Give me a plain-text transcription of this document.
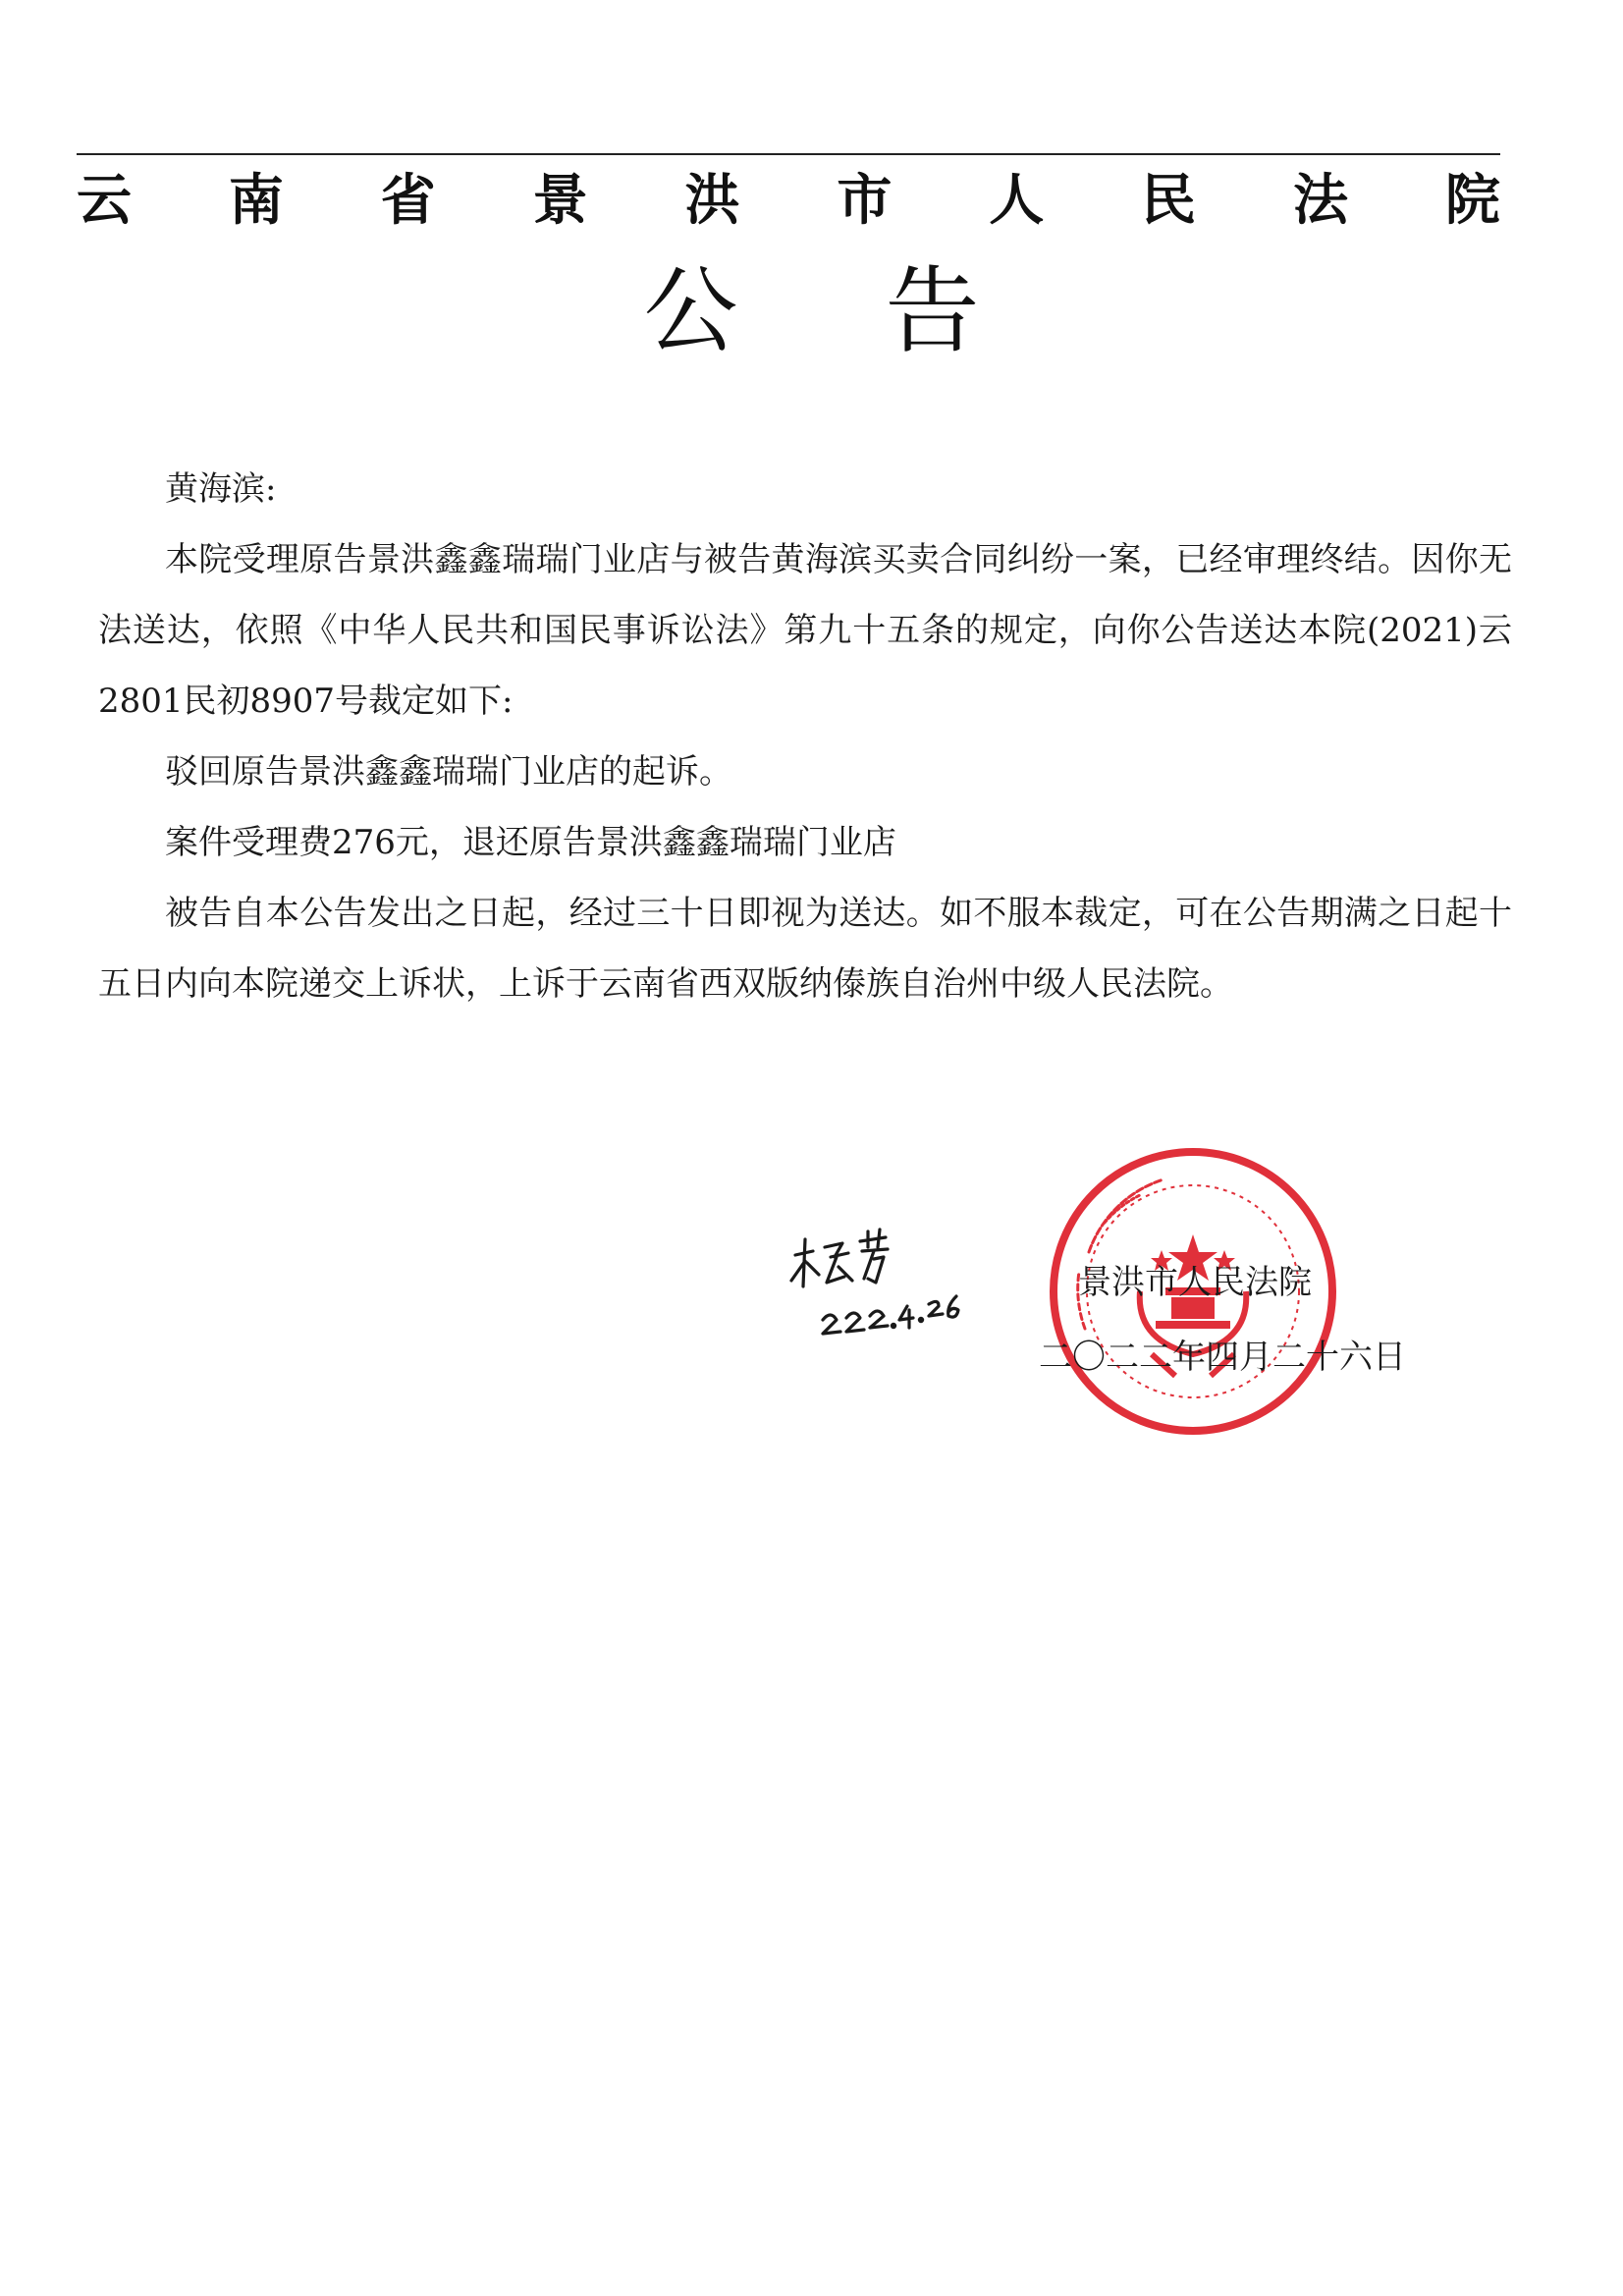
云 南 省 景 洪 市 人 民 法 院
公告

黄海滨:

本院受理原告景洪鑫鑫瑞瑞门业店与被告黄海滨买卖合同纠纷一案，已经审理终结。因你无法送达，依照《中华人民共和国民事诉讼法》第九十五条的规定，向你公告送达本院(2021)云2801民初8907号裁定如下:

驳回原告景洪鑫鑫瑞瑞门业店的起诉。

案件受理费276元，退还原告景洪鑫鑫瑞瑞门业店

被告自本公告发出之日起，经过三十日即视为送达。如不服本裁定，可在公告期满之日起十五日内向本院递交上诉状，上诉于云南省西双版纳傣族自治州中级人民法院。

景洪市人民法院
二〇二二年四月二十六日
